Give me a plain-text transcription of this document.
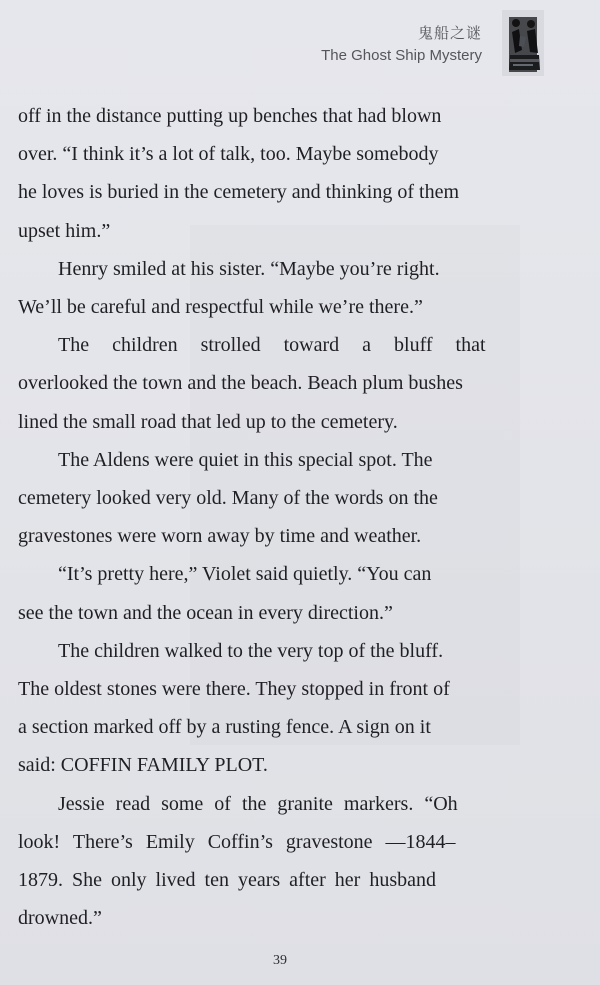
鬼船之谜
The Ghost Ship Mystery

off in the distance putting up benches that had blown
over. “I think it’s a lot of talk, too. Maybe somebody
he loves is buried in the cemetery and thinking of them
upset him.”

Henry smiled at his sister. “Maybe you’re right.
We’ll be careful and respectful while we’re there.”

The children strolled toward a bluff that
overlooked the town and the beach. Beach plum bushes
lined the small road that led up to the cemetery.

The Aldens were quiet in this special spot. The
cemetery looked very old. Many of the words on the
gravestones were worn away by time and weather.

“It’s pretty here,” Violet said quietly. “You can
see the town and the ocean in every direction.”

The children walked to the very top of the bluff.
The oldest stones were there. They stopped in front of
a section marked off by a rusting fence. A sign on it
said: COFFIN FAMILY PLOT.

Jessie read some of the granite markers. “Oh
look! There’s Emily Coffin’s gravestone —1844–
1879. She only lived ten years after her husband
drowned.”

39
